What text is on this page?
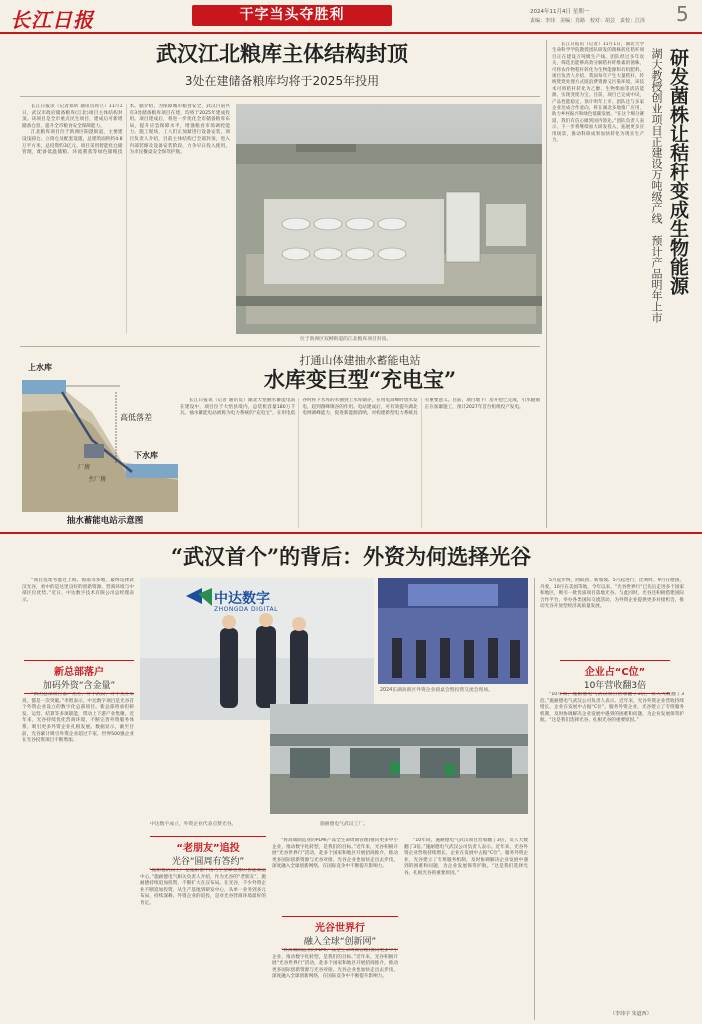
长江日报	干字当头夺胜利	2024年11月4日 星期一
责编：李玮　美编：肖路　校对：胡芸　责校：江泽 5
武汉江北粮库主体结构封顶
3处在建储备粮库均将于2025年投用
长江日报讯（记者郑昕 通讯员孙立）11月1日，武汉市政府储备粮库(江北)项目主体结构封顶。该项目是全市重点民生项目，建成后可新增储备仓容，提升全市粮食安全保障能力。
江北粮库项目位于新洲区阳逻街道，主要建设浅圆仓、立筒仓及配套设施，总建筑面积约4.8万平方米，总投资约3亿元。项目采用智能化仓储管理，配备低温储粮、环流熏蒸等绿色储粮技术。据介绍，为保障城市粮食安全，武汉目前共有3处储备粮库项目在建，均将于2025年建成投用。项目建成后，将进一步优化全市储备粮库布局，提升应急保障水平，增强粮食市场调控能力。施工现场，工人们正加紧进行设备安装。项目负责人介绍，目前主体结构已全部封顶，进入内部装修及设备安装阶段，力争早日投入使用，为市民餐桌安全保驾护航。
位于新洲区双柳街道的江北粮库项目封顶。
上水库
高低落差
下水库
厂房
主厂房
抽水蓄能电站示意图
打通山体建抽水蓄能电站
水库变巨型“充电宝”
长江日报讯（记者 通讯员）湖北大悟抽水蓄能电站在建设中，项目位于大悟县境内，总装机容量180万千瓦。抽水蓄能电站被称为电力系统的“充电宝”，在用电低谷时将下水库的水抽到上水库储存，在用电高峰时放水发电，起到削峰填谷的作用。电站建成后，可有效提升湖北电网调峰能力，促进新能源消纳，对构建新型电力系统具有重要意义。目前，项目地下厂房开挖已完成，引水隧洞正在加紧施工，预计2027年首台机组投产发电。
长江日报讯（记者）11月1日，湖北大学生命科学学院教授团队研发的菌株转化秸秆项目正在建设万吨级生产线。团队经过多年攻关，筛选出能够高效分解秸秆纤维素的菌株，可将农作物秸秆转化为生物能源和有机肥料。项目负责人介绍，我国每年产生大量秸秆，传统焚烧处理方式既浪费资源又污染环境。该技术可将秸秆转化为乙醇、生物柴油等清洁能源，实现变废为宝。目前，项目已完成中试，产品性能稳定，预计明年上市。团队还与多家企业达成合作意向，将在湖北多地推广应用，助力乡村振兴和绿色低碳发展。“在这个细分赛道，我们有信心做到国内领先。”团队负责人表示，下一步将继续加大研发投入，拓展更多应用场景，推动科研成果加快转化为现实生产力。	湖大教授创业项目正建设万吨级产线　预计产品明年上市 研发菌株让秸秆变成生物能源
“武汉首个”的背后：外资为何选择光谷
“项目选址考虑过上海、海南等多地，最终选择武汉光谷，看中的是这里良好的创新资源、营商环境与中部区位优势。”近日，中达数字技术有限公司总经理表示。
新总部落户
加码外资“含金量”
“新的总部项目落户光谷，对于武汉、对于光谷来说，都是一次突破。”李智表示，中达数字项目是光谷首个外资企业设立的数字化总部项目。新总部将承担研发、运营、结算等多项职能，带动上下游产业集聚。近年来，光谷持续优化营商环境，不断完善外资服务体系，吸引更多外资企业扎根发展。数据显示，截至目前，光谷累计吸引外资企业超过千家，世界500强企业在光谷投资项目不断增加。
中达数字
ZHONGDA DIGITAL
2024东湖高新区外资企业圆桌会暨投资交流会现场。
中达数字成立，外资企业代表点赞光谷。	施耐德电气武汉工厂。
“老朋友”追投
光谷“圆周有答约”
“施耐德武汉工厂是施耐德中国乃至全球重要的智能制造中心。”施耐德电气相关负责人介绍，作为光谷的“老朋友”，施耐德持续追加投资，不断扩大在汉布局。在光谷，不少外资企业不断追加投资，从生产基地到研发中心，从单一业务到多元布局，持续深耕。外资企业的追投，是对光谷营商环境最好的肯定。
光谷世界行
融入全球“创新网”
“将高端制造业的PLM(产品全生命周期管理)推向更多中小企业，推动数字化转型，是我们的目标。”近年来，光谷积极开展“光谷世界行”活动，赴多个国家和地区开展招商推介，推动更多国际创新资源与光谷对接。光谷企业也加快走出去步伐，深度融入全球创新网络，在国际竞争中不断提升影响力。
“将高端制造业的PLM(产品全生命周期管理)推向更多中小企业，推动数字化转型，是我们的目标。”近年来，光谷积极开展“光谷世界行”活动，赴多个国家和地区开展招商推介，推动更多国际创新资源与光谷对接。光谷企业也加快走出去步伐，深度融入全球创新网络，在国际竞争中不断提升影响力。
“10年间，施耐德电气武汉项目营收翻了3倍，员人大数翻了3倍。”施耐德电气武汉公司负责人表示。近年来，光谷外资企业营收持续增长，企业在发展中占据“C位”。服务外资企业，光谷建立了专班服务机制，及时协调解决企业发展中遇到的困难和问题，为企业发展保驾护航。“这是我们选择光谷、扎根光谷的重要原因。”
5月起步终，阿联酋、新加坡、5月起进行，比利时、9月在德国、丹麦、10月在美国等地，今年以来，“光谷世界行”已先后走进多个国家和地区，吸引一批优质项目落地光谷。与此同时，光谷还积极搭建国际合作平台，举办各类国际交流活动，为外资企业提供更多对接机会，推动光谷开放型经济高质量发展。
企业占“C位”
10年营收翻3倍
“10年间，施耐德电气武汉项目营收翻了3倍，员人大数翻了3倍。”施耐德电气武汉公司负责人表示。近年来，光谷外资企业营收持续增长，企业在发展中占据“C位”。服务外资企业，光谷建立了专班服务机制，及时协调解决企业发展中遇到的困难和问题，为企业发展保驾护航。“这是我们选择光谷、扎根光谷的重要原因。”
（李玮宇 朱道西）
